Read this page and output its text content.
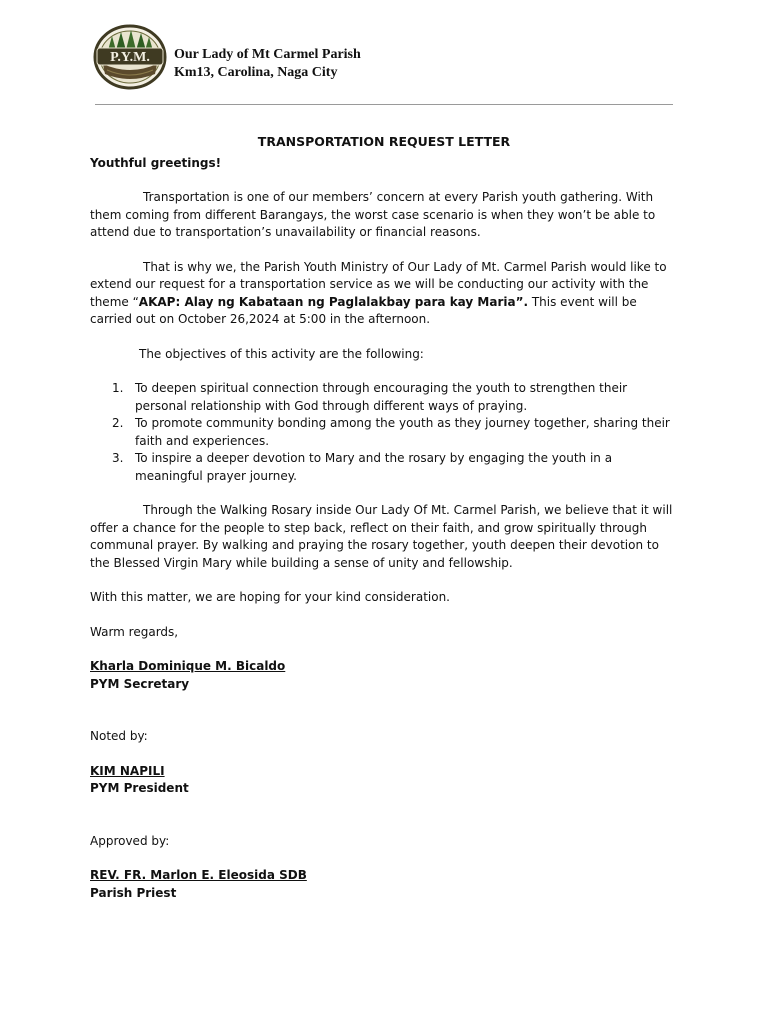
P.Y.M. Our Lady of Mt Carmel Parish
Km13, Carolina, Naga City
TRANSPORTATION REQUEST LETTER
Youthful greetings!

Transportation is one of our members’ concern at every Parish youth gathering. With them coming from different Barangays, the worst case scenario is when they won’t be able to attend due to transportation’s unavailability or financial reasons.

That is why we, the Parish Youth Ministry of Our Lady of Mt. Carmel Parish would like to extend our request for a transportation service as we will be conducting our activity with the theme “AKAP: Alay ng Kabataan ng Paglalakbay para kay Maria”. This event will be carried out on October 26,2024 at 5:00 in the afternoon.

The objectives of this activity are the following:

1. To deepen spiritual connection through encouraging the youth to strengthen their personal relationship with God through different ways of praying.
2. To promote community bonding among the youth as they journey together, sharing their faith and experiences.
3. To inspire a deeper devotion to Mary and the rosary by engaging the youth in a meaningful prayer journey.

Through the Walking Rosary inside Our Lady Of Mt. Carmel Parish, we believe that it will offer a chance for the people to step back, reflect on their faith, and grow spiritually through communal prayer. By walking and praying the rosary together, youth deepen their devotion to the Blessed Virgin Mary while building a sense of unity and fellowship.

With this matter, we are hoping for your kind consideration.

Warm regards,

Kharla Dominique M. Bicaldo
PYM Secretary
Noted by:
KIM NAPILI
PYM President
Approved by:
REV. FR. Marlon E. Eleosida SDB
Parish Priest
